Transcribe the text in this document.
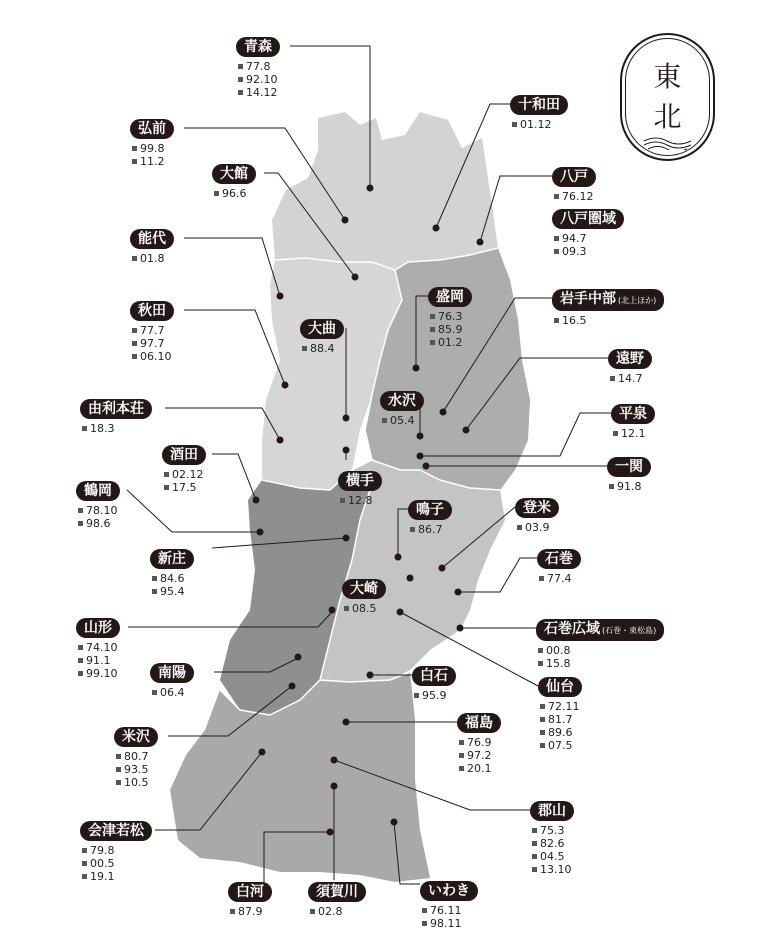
東
北
青森
77.8
92.10
14.12
十和田
01.12
弘前
99.8
11.2
大館
96.6
八戸
76.12
八戸圏域
94.7
09.3
能代
01.8
盛岡
76.3
85.9
01.2
岩手中部 (北上ほか)
16.5
秋田
77.7
97.7
06.10
大曲
88.4
遠野
14.7
水沢
05.4
由利本荘
18.3
平泉
12.1
酒田
02.12
17.5
一関
91.8
横手
12.8
鶴岡
78.10
98.6
鳴子
86.7
登米
03.9
新庄
84.6
95.4
石巻
77.4
大崎
08.5
石巻広域 (石巻・東松島)
00.8
15.8
山形
74.10
91.1
99.10	南陽
06.4
白石
95.9
仙台
72.11
81.7
89.6
07.5
米沢
80.7
93.5
10.5
福島
76.9
97.2
20.1
会津若松
79.8
00.5
19.1
郡山
75.3
82.6
04.5
13.10
白河
87.9
須賀川
02.8
いわき
76.11
98.11
